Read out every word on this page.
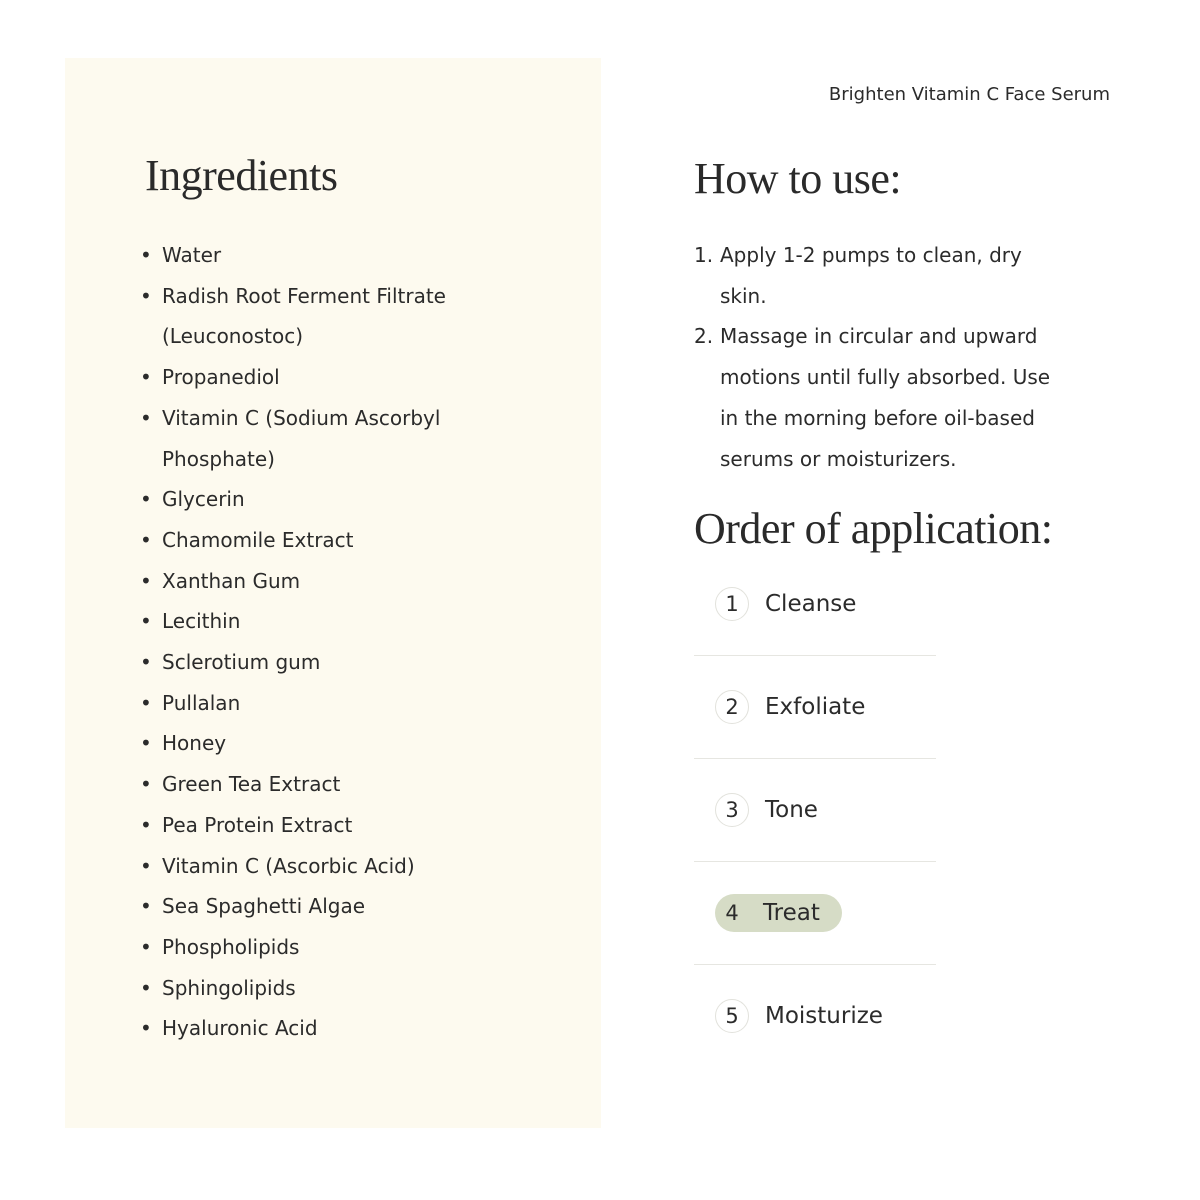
Ingredients
• Water
• Radish Root Ferment Filtrate (Leuconostoc)
• Propanediol
• Vitamin C (Sodium Ascorbyl Phosphate)
• Glycerin
• Chamomile Extract
• Xanthan Gum
• Lecithin
• Sclerotium gum
• Pullalan
• Honey
• Green Tea Extract
• Pea Protein Extract
• Vitamin C (Ascorbic Acid)
• Sea Spaghetti Algae
• Phospholipids
• Sphingolipids
• Hyaluronic Acid
Brighten Vitamin C Face Serum
How to use:
1. Apply 1-2 pumps to clean, dry skin.
2. Massage in circular and upward motions until fully absorbed. Use in the morning before oil-based serums or moisturizers.
Order of application:
1	Cleanse
2	Exfoliate
3	Tone
4	Treat
5	Moisturize
